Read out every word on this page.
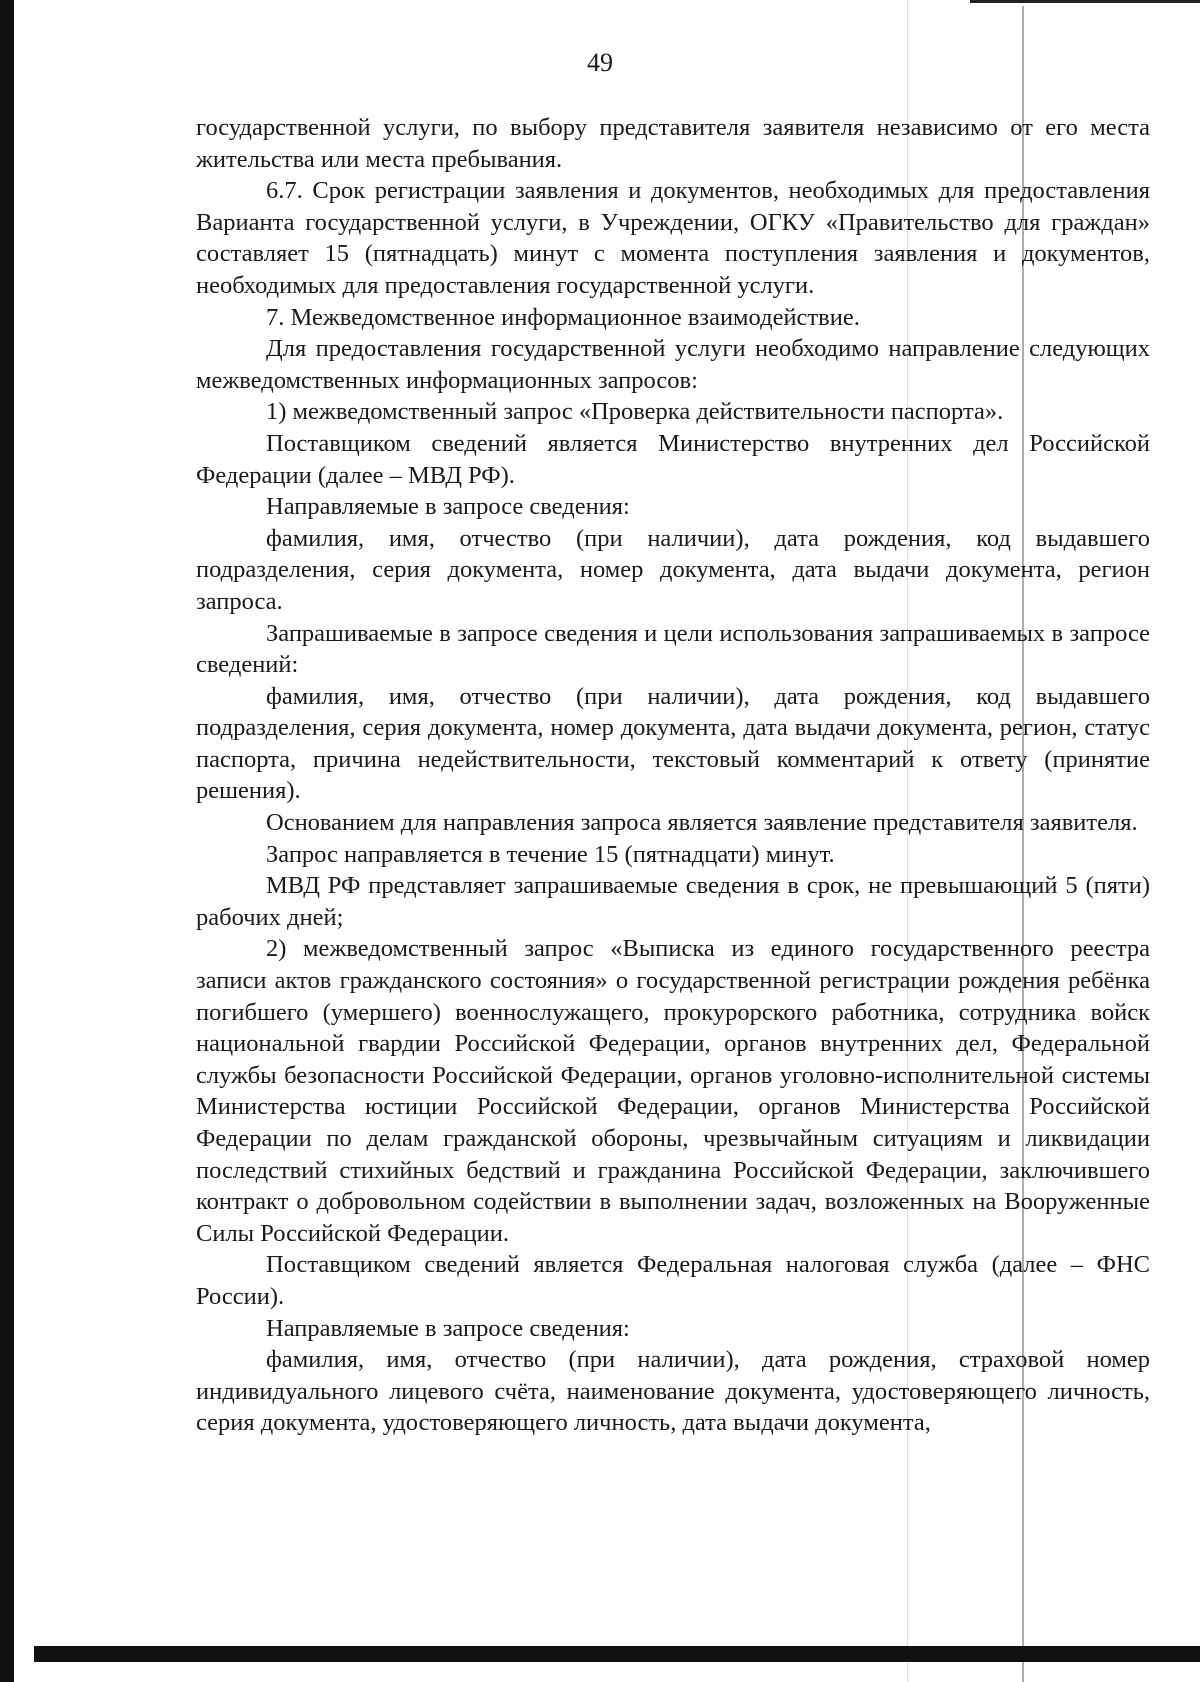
49

государственной услуги, по выбору представителя заявителя независимо от его места жительства или места пребывания.

6.7. Срок регистрации заявления и документов, необходимых для предоставления Варианта государственной услуги, в Учреждении, ОГКУ «Правительство для граждан» составляет 15 (пятнадцать) минут с момента поступления заявления и документов, необходимых для предоставления государственной услуги.

7. Межведомственное информационное взаимодействие.

Для предоставления государственной услуги необходимо направление следующих межведомственных информационных запросов:

1) межведомственный запрос «Проверка действительности паспорта».

Поставщиком сведений является Министерство внутренних дел Российской Федерации (далее – МВД РФ).

Направляемые в запросе сведения:

фамилия, имя, отчество (при наличии), дата рождения, код выдавшего подразделения, серия документа, номер документа, дата выдачи документа, регион запроса.

Запрашиваемые в запросе сведения и цели использования запрашиваемых в запросе сведений:

фамилия, имя, отчество (при наличии), дата рождения, код выдавшего подразделения, серия документа, номер документа, дата выдачи документа, регион, статус паспорта, причина недействительности, текстовый комментарий к ответу (принятие решения).

Основанием для направления запроса является заявление представителя заявителя.

Запрос направляется в течение 15 (пятнадцати) минут.

МВД РФ представляет запрашиваемые сведения в срок, не превышающий 5 (пяти) рабочих дней;

2) межведомственный запрос «Выписка из единого государственного реестра записи актов гражданского состояния» о государственной регистрации рождения ребёнка погибшего (умершего) военнослужащего, прокурорского работника, сотрудника войск национальной гвардии Российской Федерации, органов внутренних дел, Федеральной службы безопасности Российской Федерации, органов уголовно-исполнительной системы Министерства юстиции Российской Федерации, органов Министерства Российской Федерации по делам гражданской обороны, чрезвычайным ситуациям и ликвидации последствий стихийных бедствий и гражданина Российской Федерации, заключившего контракт о добровольном содействии в выполнении задач, возложенных на Вооруженные Силы Российской Федерации.

Поставщиком сведений является Федеральная налоговая служба (далее – ФНС России).

Направляемые в запросе сведения:

фамилия, имя, отчество (при наличии), дата рождения, страховой номер индивидуального лицевого счёта, наименование документа, удостоверяющего личность, серия документа, удостоверяющего личность, дата выдачи документа,
